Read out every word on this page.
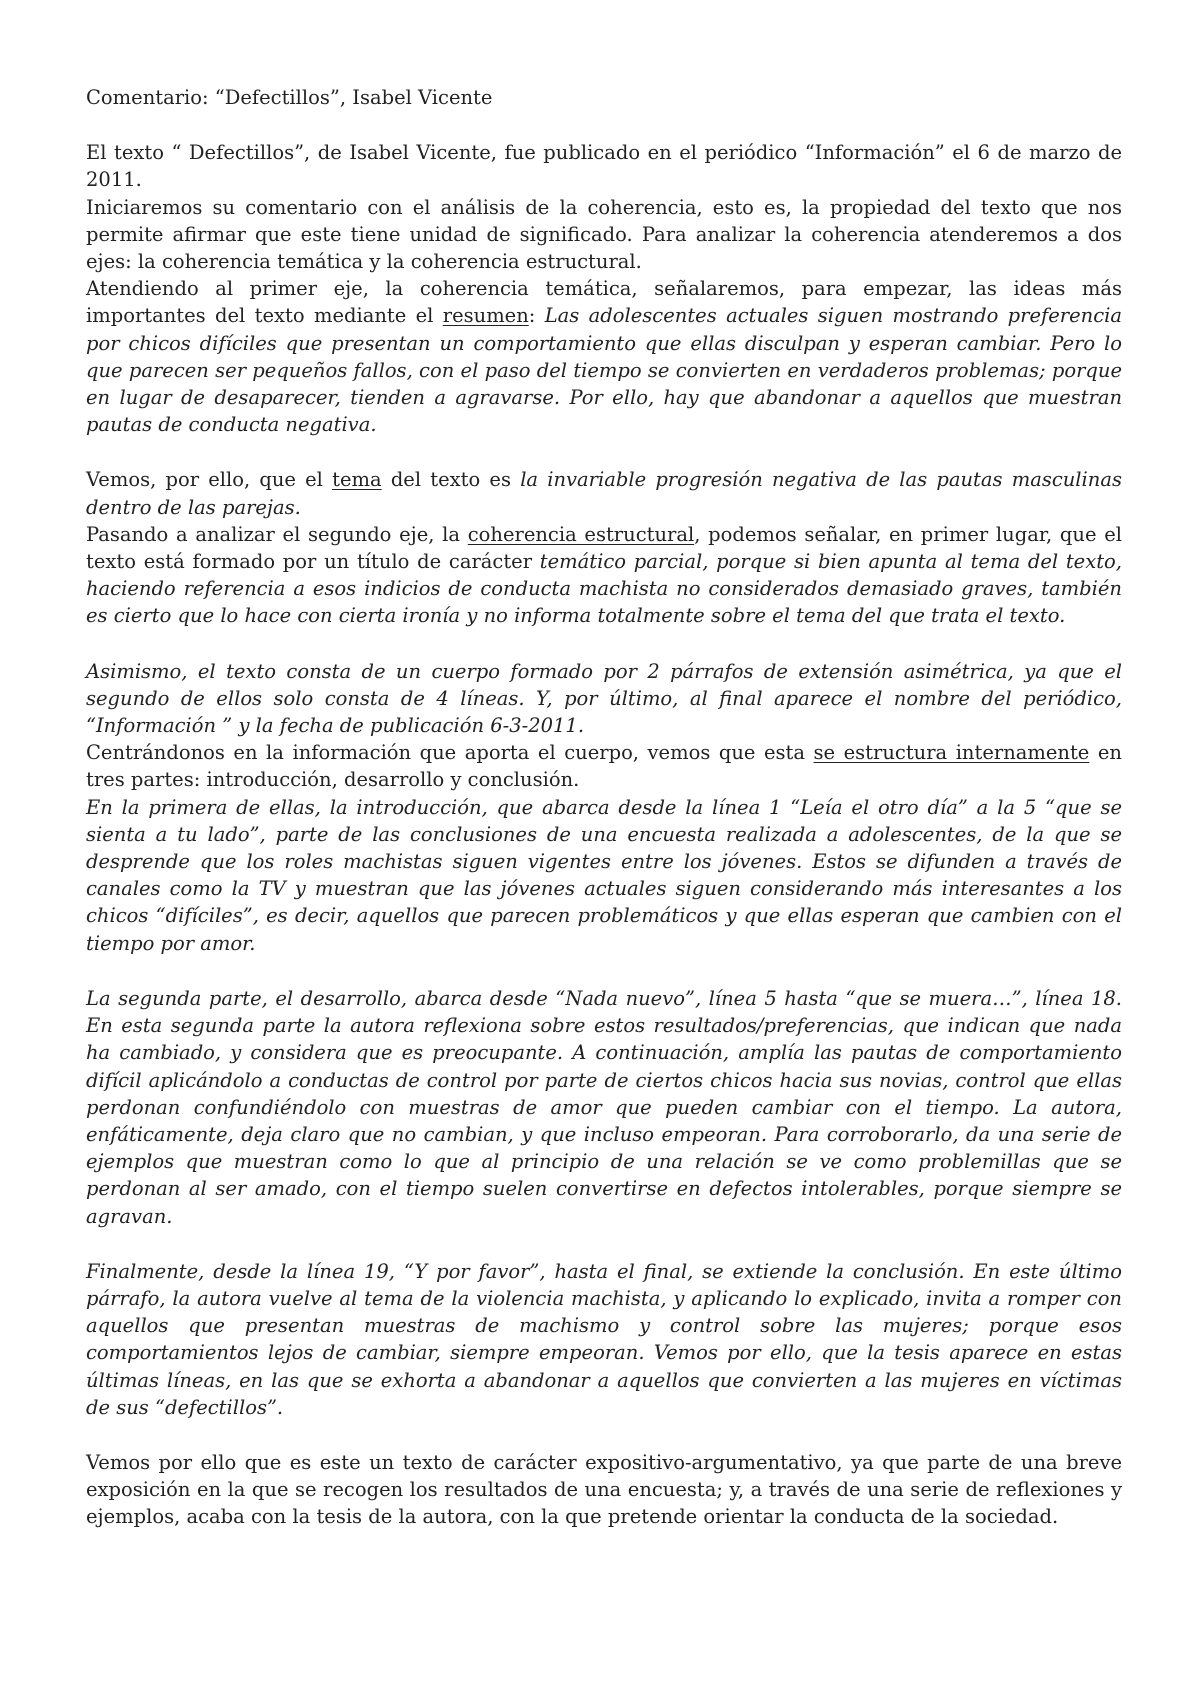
Comentario: “Defectillos”, Isabel Vicente

El texto “ Defectillos”, de Isabel Vicente, fue publicado en el periódico “Información” el 6 de marzo de 2011.

Iniciaremos su comentario con el análisis de la coherencia, esto es, la propiedad del texto que nos permite afirmar que este tiene unidad de significado. Para analizar la coherencia atenderemos a dos ejes: la coherencia temática y la coherencia estructural.

Atendiendo al primer eje, la coherencia temática, señalaremos, para empezar, las ideas más importantes del texto mediante el resumen: Las adolescentes actuales siguen mostrando preferencia por chicos difíciles que presentan un comportamiento que ellas disculpan y esperan cambiar. Pero lo que parecen ser pequeños fallos, con el paso del tiempo se convierten en verdaderos problemas; porque en lugar de desaparecer, tienden a agravarse. Por ello, hay que abandonar a aquellos que muestran pautas de conducta negativa.

Vemos, por ello, que el tema del texto es la invariable progresión negativa de las pautas masculinas dentro de las parejas.

Pasando a analizar el segundo eje, la coherencia estructural, podemos señalar, en primer lugar, que el texto está formado por un título de carácter temático parcial, porque si bien apunta al tema del texto, haciendo referencia a esos indicios de conducta machista no considerados demasiado graves, también es cierto que lo hace con cierta ironía y no informa totalmente sobre el tema del que trata el texto.

Asimismo, el texto consta de un cuerpo formado por 2 párrafos de extensión asimétrica, ya que el segundo de ellos solo consta de 4 líneas. Y, por último, al final aparece el nombre del periódico, “Información ” y la fecha de publicación 6-3-2011.

Centrándonos en la información que aporta el cuerpo, vemos que esta se estructura internamente en tres partes: introducción, desarrollo y conclusión.

En la primera de ellas, la introducción, que abarca desde la línea 1 “Leía el otro día” a la 5 “que se sienta a tu lado”, parte de las conclusiones de una encuesta realizada a adolescentes, de la que se desprende que los roles machistas siguen vigentes entre los jóvenes. Estos se difunden a través de canales como la TV y muestran que las jóvenes actuales siguen considerando más interesantes a los chicos “difíciles”, es decir, aquellos que parecen problemáticos y que ellas esperan que cambien con el tiempo por amor.

La segunda parte, el desarrollo, abarca desde “Nada nuevo”, línea 5 hasta “que se muera…”, línea 18. En esta segunda parte la autora reflexiona sobre estos resultados/preferencias, que indican que nada ha cambiado, y considera que es preocupante. A continuación, amplía las pautas de comportamiento difícil aplicándolo a conductas de control por parte de ciertos chicos hacia sus novias, control que ellas perdonan confundiéndolo con muestras de amor que pueden cambiar con el tiempo. La autora, enfáticamente, deja claro que no cambian, y que incluso empeoran. Para corroborarlo, da una serie de ejemplos que muestran como lo que al principio de una relación se ve como problemillas que se perdonan al ser amado, con el tiempo suelen convertirse en defectos intolerables, porque siempre se agravan.

Finalmente, desde la línea 19, “Y por favor”, hasta el final, se extiende la conclusión. En este último párrafo, la autora vuelve al tema de la violencia machista, y aplicando lo explicado, invita a romper con aquellos que presentan muestras de machismo y control sobre las mujeres; porque esos comportamientos lejos de cambiar, siempre empeoran. Vemos por ello, que la tesis aparece en estas últimas líneas, en las que se exhorta a abandonar a aquellos que convierten a las mujeres en víctimas de sus “defectillos”.

Vemos por ello que es este un texto de carácter expositivo-argumentativo, ya que parte de una breve exposición en la que se recogen los resultados de una encuesta; y, a través de una serie de reflexiones y ejemplos, acaba con la tesis de la autora, con la que pretende orientar la conducta de la sociedad.
